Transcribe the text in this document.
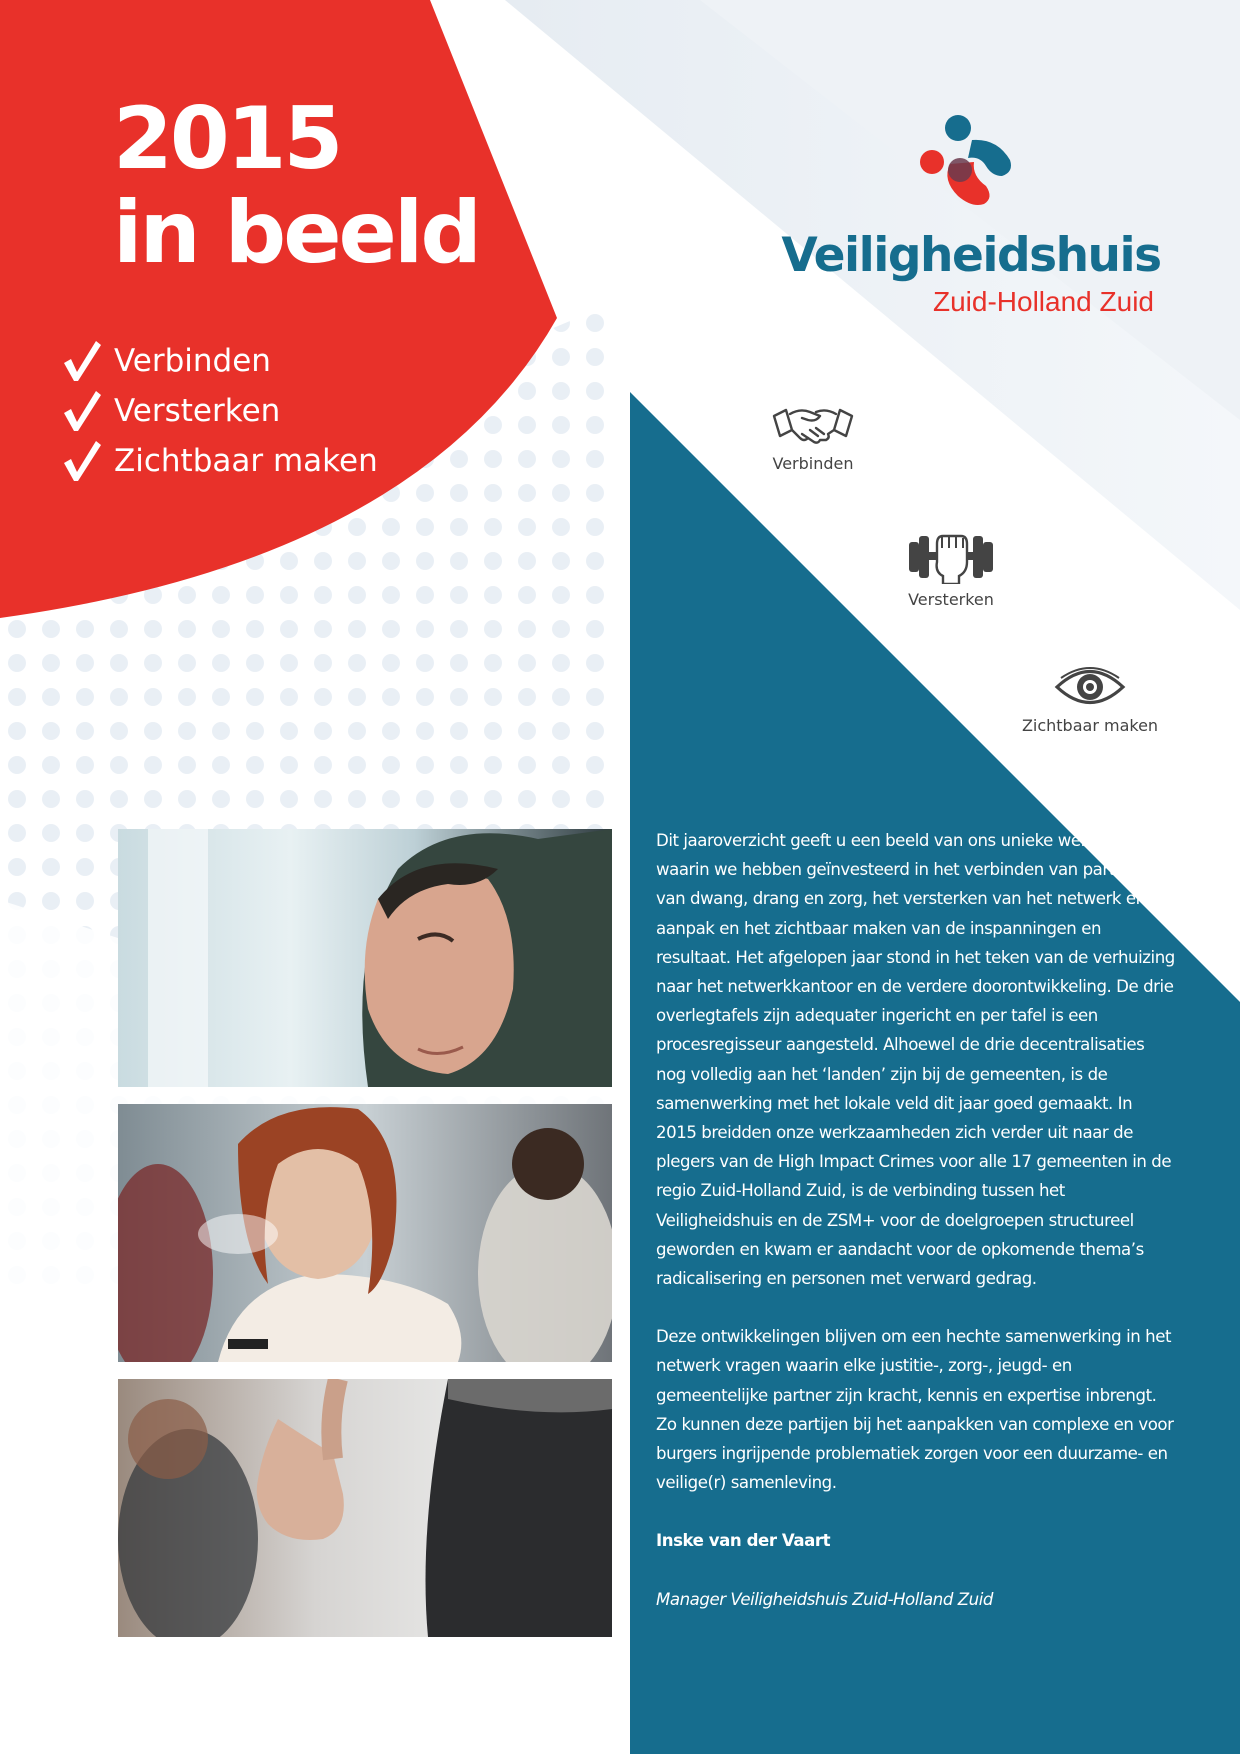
2015
in beeld
Verbinden
Versterken
Zichtbaar maken

Veiligheidshuis

Zuid-Holland Zuid

Verbinden
Versterken
Zichtbaar maken

Dit jaaroverzicht geeft u een beeld van ons unieke werk in 2015, waarin we hebben geïnvesteerd in het verbinden van partners en van dwang, drang en zorg, het versterken van het netwerk en de aanpak en het zichtbaar maken van de inspanningen en resultaat. Het afgelopen jaar stond in het teken van de verhuizing naar het netwerkkantoor en de verdere doorontwikkeling. De drie overlegtafels zijn adequater ingericht en per tafel is een procesregisseur aangesteld. Alhoewel de drie decentralisaties nog volledig aan het ‘landen’ zijn bij de gemeenten, is de samenwerking met het lokale veld dit jaar goed gemaakt. In 2015 breidden onze werkzaamheden zich verder uit naar de plegers van de High Impact Crimes voor alle 17 gemeenten in de regio Zuid-Holland Zuid, is de verbinding tussen het Veiligheidshuis en de ZSM+ voor de doelgroepen structureel geworden en kwam er aandacht voor de opkomende thema’s radicalisering en personen met verward gedrag.

Deze ontwikkelingen blijven om een hechte samenwerking in het netwerk vragen waarin elke justitie-, zorg-, jeugd- en gemeentelijke partner zijn kracht, kennis en expertise inbrengt. Zo kunnen deze partijen bij het aanpakken van complexe en voor burgers ingrijpende problematiek zorgen voor een duurzame- en veilige(r) samenleving.

Inske van der Vaart

Manager Veiligheidshuis Zuid-Holland Zuid
